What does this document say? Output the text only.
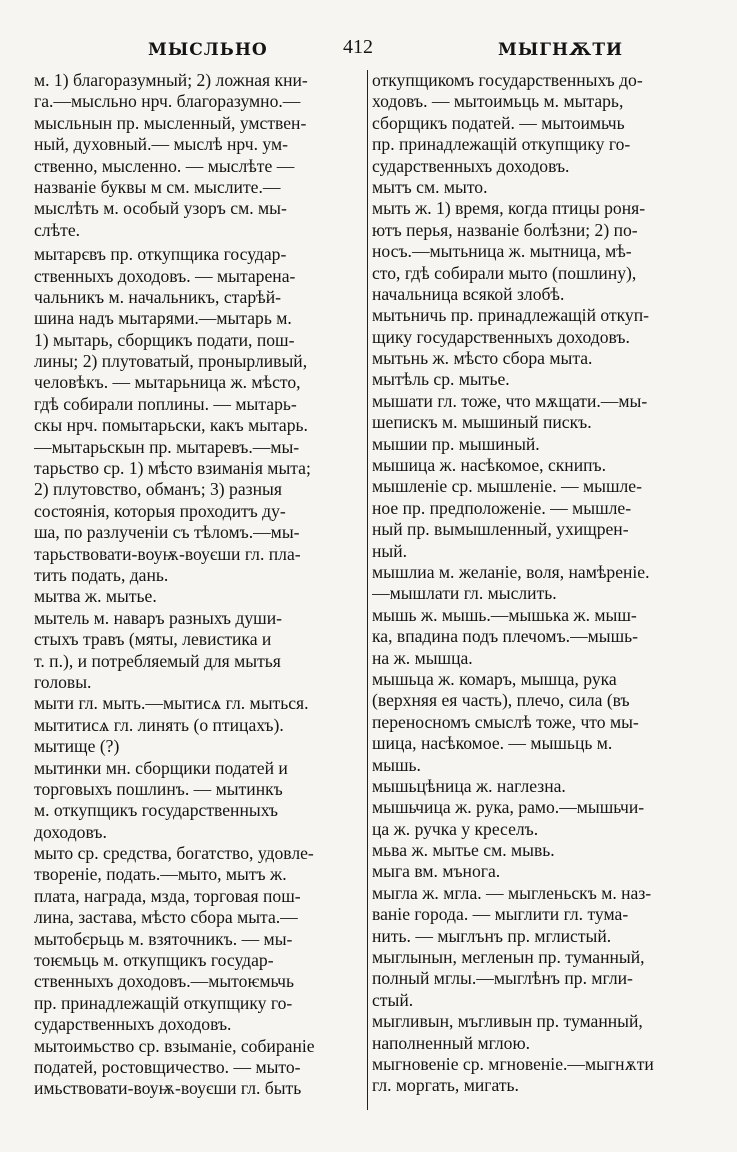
МЫСЛЬНО	412	МЫГНѪТИ
м. 1) благоразумный; 2) ложная кни-
га.—мысльно нрч. благоразумно.—
мысльнын пр. мысленный, умствен-
ный, духовный.— мыслѣ нрч. ум-
ственно, мысленно. — мыслѣте —
названіе буквы м см. мыслите.—
мыслѣть м. особый узоръ см. мы-
слѣте.
мытарєвъ пр. откупщика государ-
ственныхъ доходовъ. — мытарена-
чальникъ м. начальникъ, старѣй-
шина надъ мытарями.—мытарь м.
1) мытарь, сборщикъ подати, пош-
лины; 2) плутоватый, пронырливый,
человѣкъ. — мытарьница ж. мѣсто,
гдѣ собирали поплины. — мытарь-
скы нрч. помытарьски, какъ мытарь.
—мытарьскын пр. мытаревъ.—мы-
тарьство ср. 1) мѣсто взиманія мыта;
2) плутовство, обманъ; 3) разныя
состоянія, которыя проходитъ ду-
ша, по разлученіи съ тѣломъ.—мы-
тарьствовати-воуѭ-воуєши гл. пла-
тить подать, дань.
мытва ж. мытье.
мытель м. наваръ разныхъ души-
стыхъ травъ (мяты, левистика и
т. п.), и потребляемый для мытья
головы.
мыти гл. мыть.—мытисѧ гл. мыться.
мытитисѧ гл. линять (о птицахъ).
мытище (?)
мытинки мн. сборщики податей и
торговыхъ пошлинъ. — мытинкъ
м. откупщикъ государственныхъ
доходовъ.
мыто ср. средства, богатство, удовле-
твореніе, подать.—мыто, мытъ ж.
плата, награда, мзда, торговая пош-
лина, застава, мѣсто сбора мыта.—
мытобєрьць м. взяточникъ. — мы-
тоѥмьць м. откупщикъ государ-
ственныхъ доходовъ.—мытоѥмьчь
пр. принадлежащій откупщику го-
сударственныхъ доходовъ.
мытоимьство ср. взыманіе, собираніе
податей, ростовщичество. — мыто-
имьствовати-воуѭ-воуєши гл. быть
откупщикомъ государственныхъ до-
ходовъ. — мытоимьць м. мытарь,
сборщикъ податей. — мытоимьчь
пр. принадлежащій откупщику го-
сударственныхъ доходовъ.
мытъ см. мыто.
мыть ж. 1) время, когда птицы роня-
ютъ перья, названіе болѣзни; 2) по-
носъ.—мытьница ж. мытница, мѣ-
сто, гдѣ собирали мыто (пошлину),
начальница всякой злобѣ.
мытьничь пр. принадлежащій откуп-
щику государственныхъ доходовъ.
мытьнь ж. мѣсто сбора мыта.
мытѣль ср. мытье.
мышати гл. тоже, что мѫщати.—мы-
шепискъ м. мышиный пискъ.
мышии пр. мышиный.
мышица ж. насѣкомое, скнипъ.
мышленіе ср. мышленіе. — мышле-
ное пр. предположеніе. — мышле-
ный пр. вымышленный, ухищрен-
ный.
мышлиа м. желаніе, воля, намѣреніе.
—мышлати гл. мыслить.
мышь ж. мышь.—мышька ж. мыш-
ка, впадина подъ плечомъ.—мышь-
на ж. мышца.
мышьца ж. комаръ, мышца, рука
(верхняя ея часть), плечо, сила (въ
переносномъ смыслѣ тоже, что мы-
шица, насѣкомое. — мышьць м.
мышь.
мышьцѣница ж. наглезна.
мышьчица ж. рука, рамо.—мышьчи-
ца ж. ручка у креселъ.
мьва ж. мытье см. мывь.
мыга вм. мънога.
мыгла ж. мгла. — мыгленьскъ м. наз-
ваніе города. — мыглити гл. тума-
нить. — мыглънъ пр. мглистый.
мыглынын, мегленын пр. туманный,
полный мглы.—мыглѣнъ пр. мгли-
стый.
мыгливын, мъгливын пр. туманный,
наполненный мглою.
мыгновеніе ср. мгновеніе.—мыгнѫти
гл. моргать, мигать.
